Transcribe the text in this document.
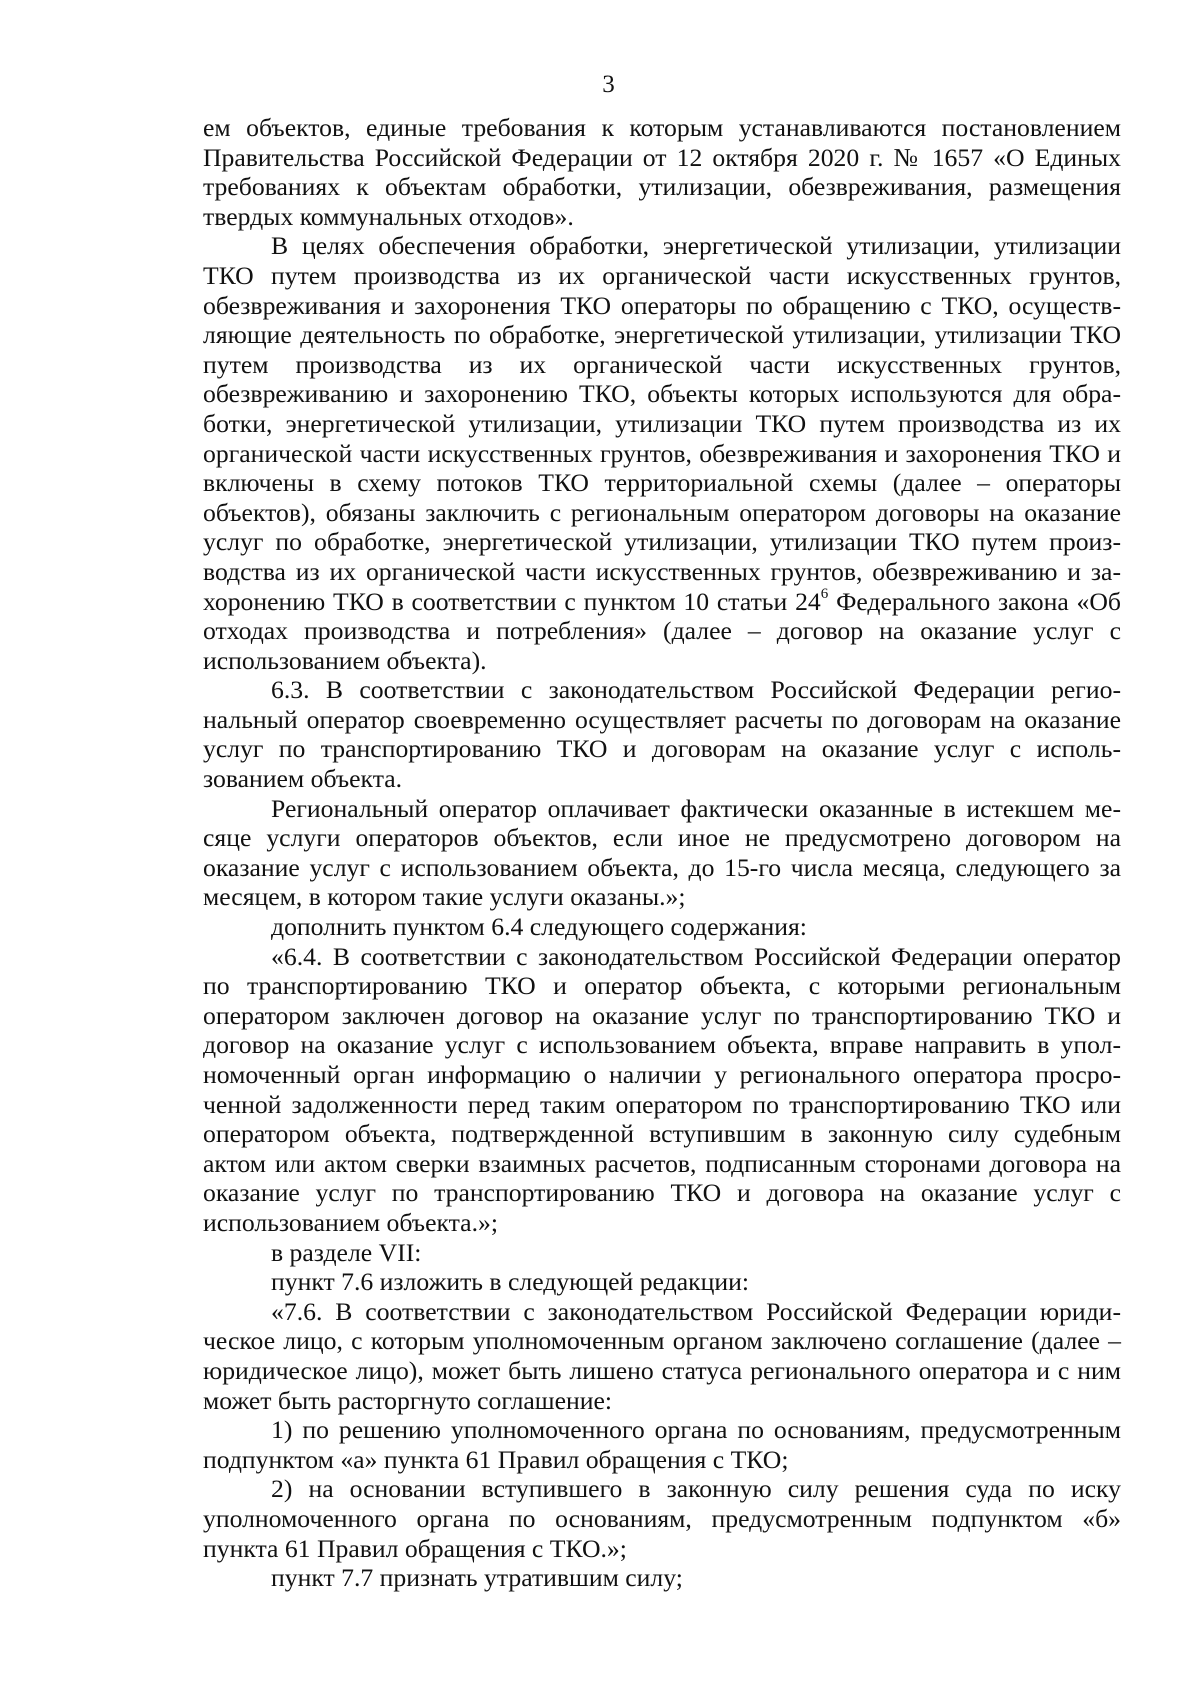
3

ем объектов, единые требования к которым устанавливаются постановлением Правительства Российской Федерации от 12 октября 2020 г. № 1657 «О Единых требованиях к объектам обработки, утилизации, обезвреживания, размещения твердых коммунальных отходов».

В целях обеспечения обработки, энергетической утилизации, утилизации ТКО путем производства из их органической части искусственных грунтов, обезвреживания и захоронения ТКО операторы по обращению с ТКО, осуществляющие деятельность по обработке, энергетической утилизации, утилизации ТКО путем производства из их органической части искусственных грунтов, обезвреживанию и захоронению ТКО, объекты которых используются для обработки, энергетической утилизации, утилизации ТКО путем производства из их органической части искусственных грунтов, обезвреживания и захоронения ТКО и включены в схему потоков ТКО территориальной схемы (далее – операторы объектов), обязаны заключить с региональным оператором договоры на оказание услуг по обработке, энергетической утилизации, утилизации ТКО путем производства из их органической части искусственных грунтов, обезвреживанию и захоронению ТКО в соответствии с пунктом 10 статьи 24$^6$ Федерального закона «Об отходах производства и потребления» (далее – договор на оказание услуг с использованием объекта).

6.3. В соответствии с законодательством Российской Федерации региональный оператор своевременно осуществляет расчеты по договорам на оказание услуг по транспортированию ТКО и договорам на оказание услуг с использованием объекта.

Региональный оператор оплачивает фактически оказанные в истекшем месяце услуги операторов объектов, если иное не предусмотрено договором на оказание услуг с использованием объекта, до 15-го числа месяца, следующего за месяцем, в котором такие услуги оказаны.»;

дополнить пунктом 6.4 следующего содержания:

«6.4. В соответствии с законодательством Российской Федерации оператор по транспортированию ТКО и оператор объекта, с которыми региональным оператором заключен договор на оказание услуг по транспортированию ТКО и договор на оказание услуг с использованием объекта, вправе направить в уполномоченный орган информацию о наличии у регионального оператора просроченной задолженности перед таким оператором по транспортированию ТКО или оператором объекта, подтвержденной вступившим в законную силу судебным актом или актом сверки взаимных расчетов, подписанным сторонами договора на оказание услуг по транспортированию ТКО и договора на оказание услуг с использованием объекта.»;

в разделе VII:

пункт 7.6 изложить в следующей редакции:

«7.6. В соответствии с законодательством Российской Федерации юридическое лицо, с которым уполномоченным органом заключено соглашение (далее – юридическое лицо), может быть лишено статуса регионального оператора и с ним может быть расторгнуто соглашение:

1) по решению уполномоченного органа по основаниям, предусмотренным подпунктом «а» пункта 61 Правил обращения с ТКО;

2) на основании вступившего в законную силу решения суда по иску уполномоченного органа по основаниям, предусмотренным подпунктом «б» пункта 61 Правил обращения с ТКО.»;

пункт 7.7 признать утратившим силу;
